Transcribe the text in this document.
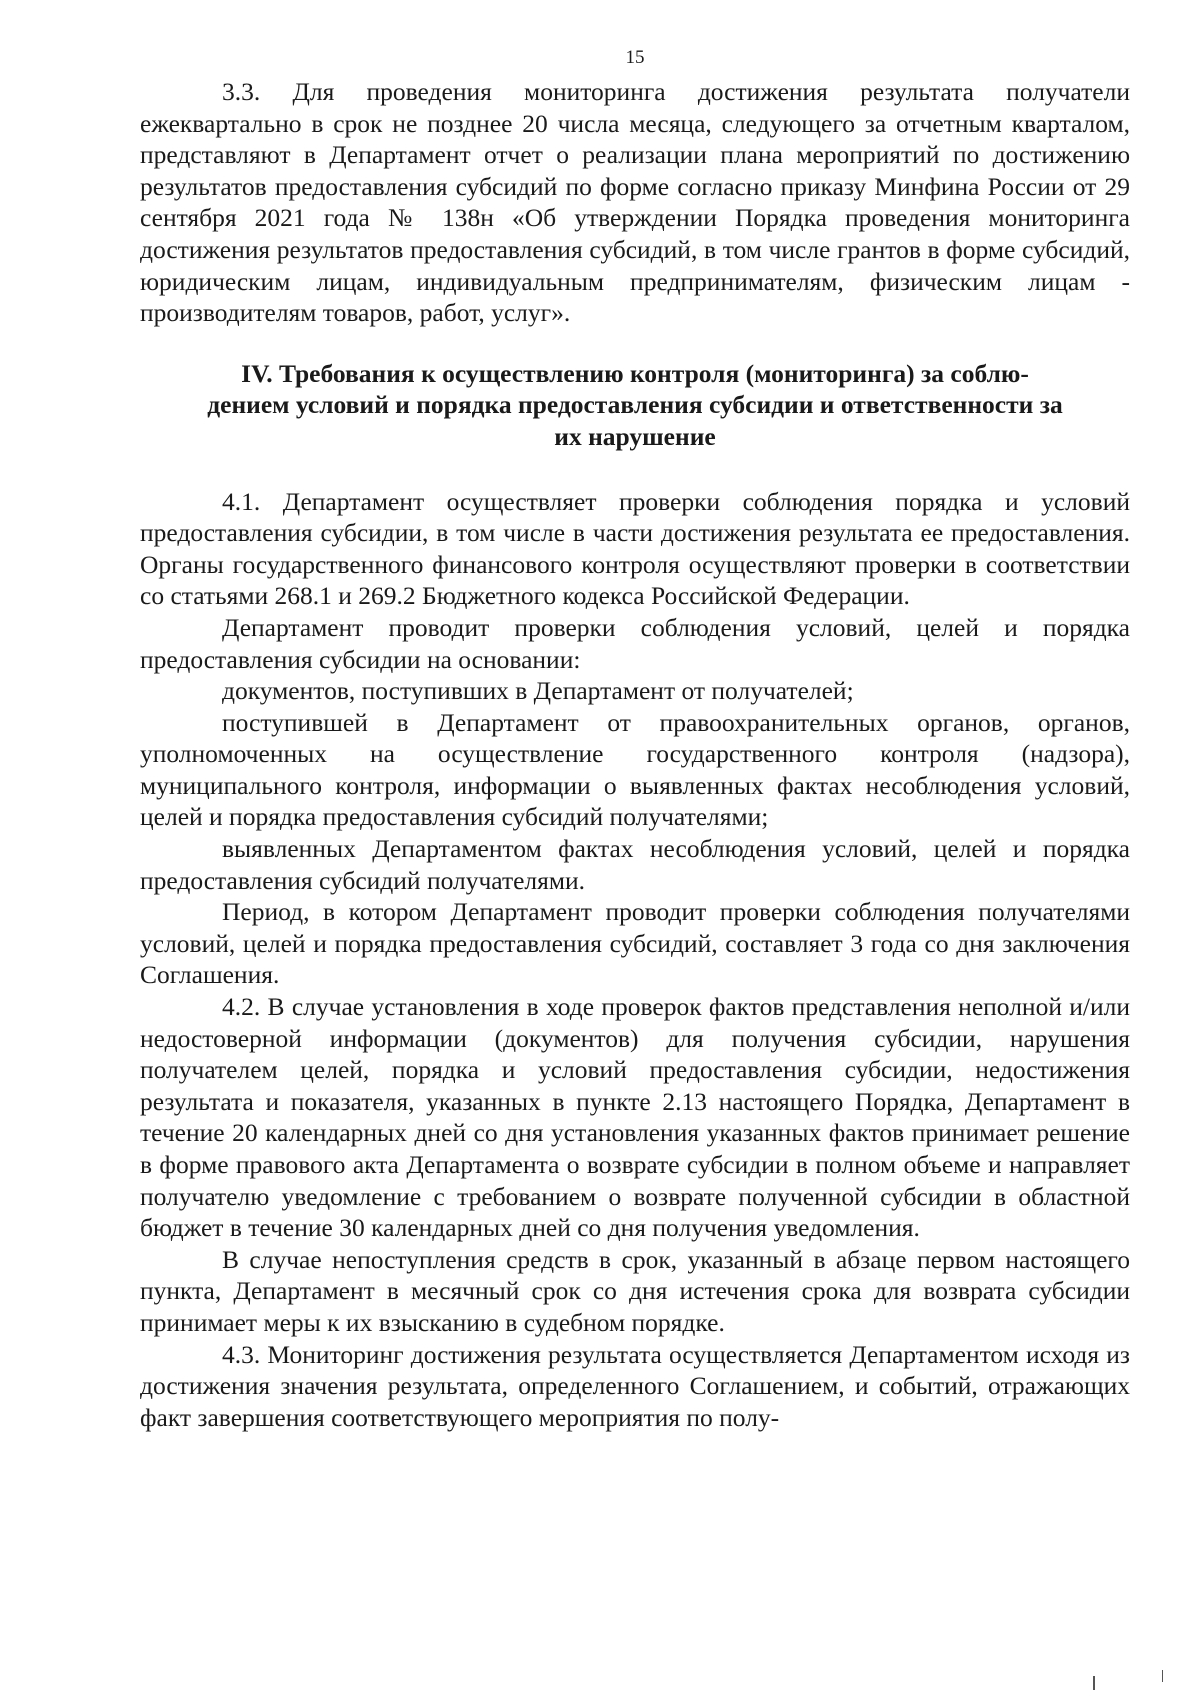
15

3.3. Для проведения мониторинга достижения результата получатели ежеквартально в срок не позднее 20 числа месяца, следующего за отчетным кварталом, представляют в Департамент отчет о реализации плана мероприятий по достижению результатов предоставления субсидий по форме согласно приказу Минфина России от 29 сентября 2021 года № 138н «Об утверждении Порядка проведения мониторинга достижения результатов предоставления субсидий, в том числе грантов в форме субсидий, юридическим лицам, индивидуальным предпринимателям, физическим лицам - производителям товаров, работ, услуг».

IV. Требования к осуществлению контроля (мониторинга) за соблю-
дением условий и порядка предоставления субсидии и ответственности за
их нарушение

4.1. Департамент осуществляет проверки соблюдения порядка и условий предоставления субсидии, в том числе в части достижения результата ее предоставления. Органы государственного финансового контроля осуществляют проверки в соответствии со статьями 268.1 и 269.2 Бюджетного кодекса Российской Федерации.

Департамент проводит проверки соблюдения условий, целей и порядка предоставления субсидии на основании:

документов, поступивших в Департамент от получателей;

поступившей в Департамент от правоохранительных органов, органов, уполномоченных на осуществление государственного контроля (надзора), муниципального контроля, информации о выявленных фактах несоблюдения условий, целей и порядка предоставления субсидий получателями;

выявленных Департаментом фактах несоблюдения условий, целей и порядка предоставления субсидий получателями.

Период, в котором Департамент проводит проверки соблюдения получателями условий, целей и порядка предоставления субсидий, составляет 3 года со дня заключения Соглашения.

4.2. В случае установления в ходе проверок фактов представления неполной и/или недостоверной информации (документов) для получения субсидии, нарушения получателем целей, порядка и условий предоставления субсидии, недостижения результата и показателя, указанных в пункте 2.13 настоящего Порядка, Департамент в течение 20 календарных дней со дня установления указанных фактов принимает решение в форме правового акта Департамента о возврате субсидии в полном объеме и направляет получателю уведомление с требованием о возврате полученной субсидии в областной бюджет в течение 30 календарных дней со дня получения уведомления.

В случае непоступления средств в срок, указанный в абзаце первом настоящего пункта, Департамент в месячный срок со дня истечения срока для возврата субсидии принимает меры к их взысканию в судебном порядке.

4.3. Мониторинг достижения результата осуществляется Департаментом исходя из достижения значения результата, определенного Соглашением, и событий, отражающих факт завершения соответствующего мероприятия по полу-
